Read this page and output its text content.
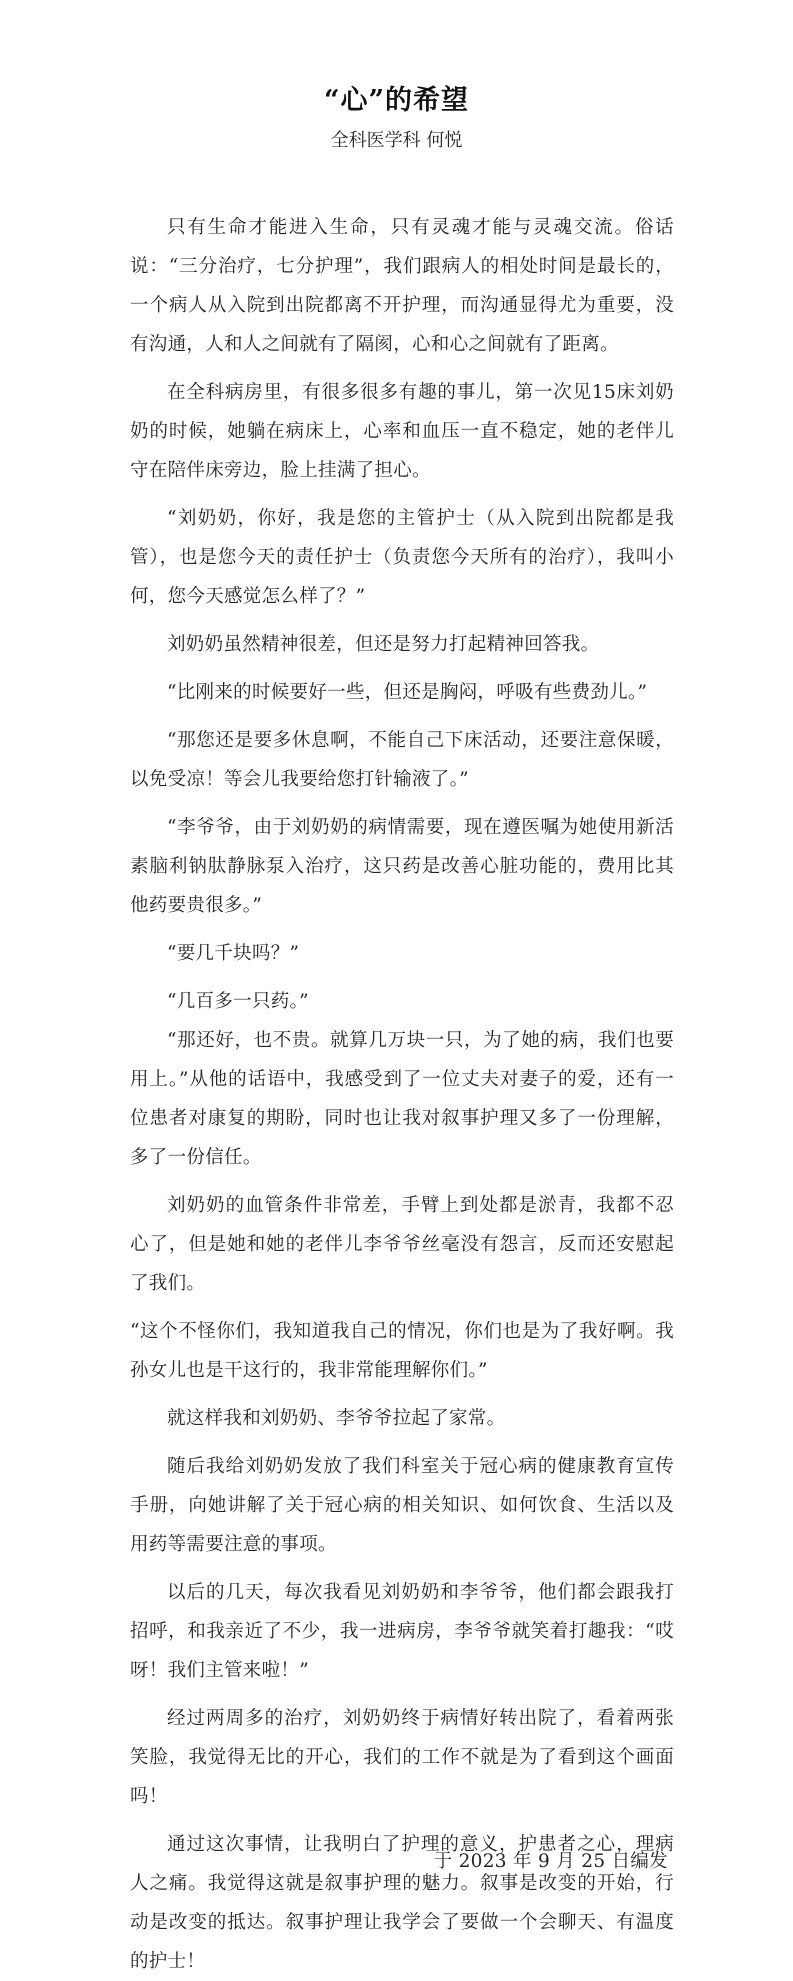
“心”的希望
全科医学科 何悦

只有生命才能进入生命，只有灵魂才能与灵魂交流。俗话说：“三分治疗，七分护理”，我们跟病人的相处时间是最长的，一个病人从入院到出院都离不开护理，而沟通显得尤为重要，没有沟通，人和人之间就有了隔阂，心和心之间就有了距离。

在全科病房里，有很多很多有趣的事儿，第一次见15床刘奶奶的时候，她躺在病床上，心率和血压一直不稳定，她的老伴儿守在陪伴床旁边，脸上挂满了担心。

“刘奶奶，你好，我是您的主管护士（从入院到出院都是我管），也是您今天的责任护士（负责您今天所有的治疗），我叫小何，您今天感觉怎么样了？”

刘奶奶虽然精神很差，但还是努力打起精神回答我。

“比刚来的时候要好一些，但还是胸闷，呼吸有些费劲儿。”

“那您还是要多休息啊，不能自己下床活动，还要注意保暖，以免受凉！等会儿我要给您打针输液了。”

“李爷爷，由于刘奶奶的病情需要，现在遵医嘱为她使用新活素脑利钠肽静脉泵入治疗，这只药是改善心脏功能的，费用比其他药要贵很多。”

“要几千块吗？”

“几百多一只药。”

“那还好，也不贵。就算几万块一只，为了她的病，我们也要用上。”从他的话语中，我感受到了一位丈夫对妻子的爱，还有一位患者对康复的期盼，同时也让我对叙事护理又多了一份理解，多了一份信任。

刘奶奶的血管条件非常差，手臂上到处都是淤青，我都不忍心了，但是她和她的老伴儿李爷爷丝毫没有怨言，反而还安慰起了我们。

“这个不怪你们，我知道我自己的情况，你们也是为了我好啊。我孙女儿也是干这行的，我非常能理解你们。”

就这样我和刘奶奶、李爷爷拉起了家常。

随后我给刘奶奶发放了我们科室关于冠心病的健康教育宣传手册，向她讲解了关于冠心病的相关知识、如何饮食、生活以及用药等需要注意的事项。

以后的几天，每次我看见刘奶奶和李爷爷，他们都会跟我打招呼，和我亲近了不少，我一进病房，李爷爷就笑着打趣我：“哎呀！我们主管来啦！”

经过两周多的治疗，刘奶奶终于病情好转出院了，看着两张笑脸，我觉得无比的开心，我们的工作不就是为了看到这个画面吗！

通过这次事情，让我明白了护理的意义，护患者之心，理病人之痛。我觉得这就是叙事护理的魅力。叙事是改变的开始，行动是改变的抵达。叙事护理让我学会了要做一个会聊天、有温度的护士！

于 2023 年 9 月 25 日编发
